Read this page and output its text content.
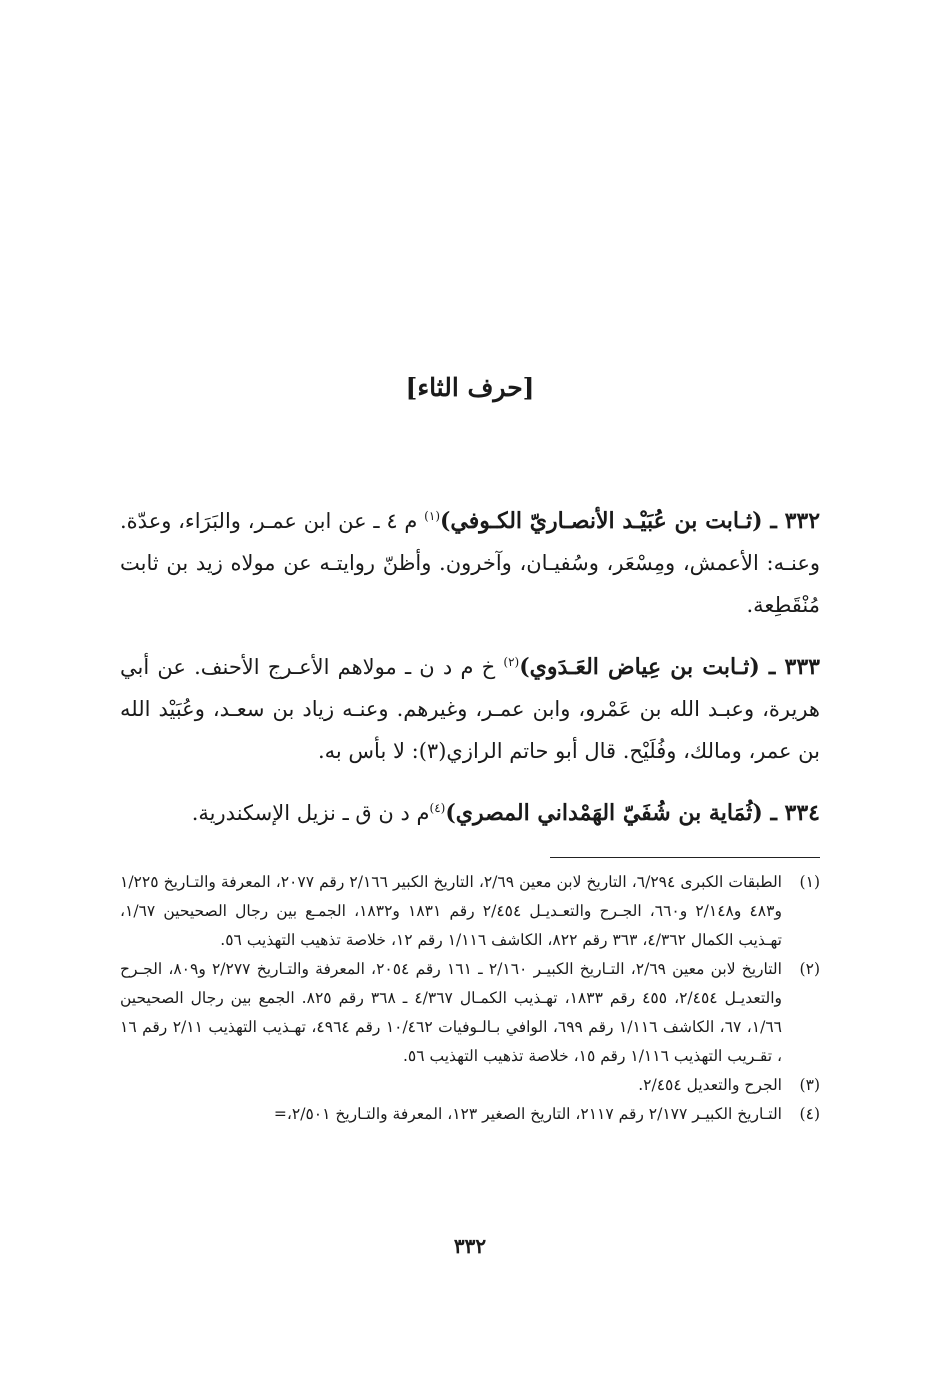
[حرف الثاء]

٣٣٢ ـ (ثـابت بن عُبَيْـد الأنصـاريّ الكـوفي)$^{(١)}$ م ٤ ـ عن ابن عمـر، والبَرَاء، وعدّة. وعنـه: الأعمش، ومِسْعَر، وسُفيـان، وآخرون. وأظنّ روايتـه عن مولاه زيد بن ثابت مُنْقَطِعة.

٣٣٣ ـ (ثـابت بن عِياض العَـدَوي)$^{(٢)}$ خ م د ن ـ مولاهم الأعـرج الأحنف. عن أبي هريرة، وعبـد الله بن عَمْرو، وابن عمـر، وغيرهم. وعنـه زياد بن سعـد، وعُبَيْد الله بن عمر، ومالك، وفُلَيْح. قال أبو حاتم الرازي(٣): لا بأس به.

٣٣٤ ـ (ثُمَاية بن شُفَيّ الهَمْداني المصري)$^{(٤)}$م د ن ق ـ نزيل الإسكندرية.

(١)
الطبقات الكبرى ٦/٢٩٤، التاريخ لابن معين ٢/٦٩، التاريخ الكبير ٢/١٦٦ رقم ٢٠٧٧، المعرفة والتـاريخ ١/٢٢٥ و٤٨٣ و٢/١٤٨ و٦٦٠، الجـرح والتعـديـل ٢/٤٥٤ رقم ١٨٣١ و١٨٣٢، الجمـع بين رجال الصحيحين ١/٦٧، تهـذيب الكمال ٤/٣٦٢، ٣٦٣ رقم ٨٢٢، الكاشف ١/١١٦ رقم ١٢، خلاصة تذهيب التهذيب ٥٦.
(٢)
التاريخ لابن معين ٢/٦٩، التـاريخ الكبيـر ٢/١٦٠ ـ ١٦١ رقم ٢٠٥٤، المعرفة والتـاريخ ٢/٢٧٧ و٨٠٩، الجـرح والتعديـل ٢/٤٥٤، ٤٥٥ رقم ١٨٣٣، تهـذيب الكمـال ٤/٣٦٧ ـ ٣٦٨ رقم ٨٢٥. الجمع بين رجال الصحيحين ١/٦٦، ٦٧، الكاشف ١/١١٦ رقم ٦٩٩، الوافي بـالـوفيات ١٠/٤٦٢ رقم ٤٩٦٤، تهـذيب التهذيب ٢/١١ رقم ١٦ ، تقـريب التهذيب ١/١١٦ رقم ١٥، خلاصة تذهيب التهذيب ٥٦.
(٣)
الجرح والتعديل ٢/٤٥٤.
(٤)
التـاريخ الكبيـر ٢/١٧٧ رقم ٢١١٧، التاريخ الصغير ١٢٣، المعرفة والتـاريخ ٢/٥٠١،=
٣٣٢
